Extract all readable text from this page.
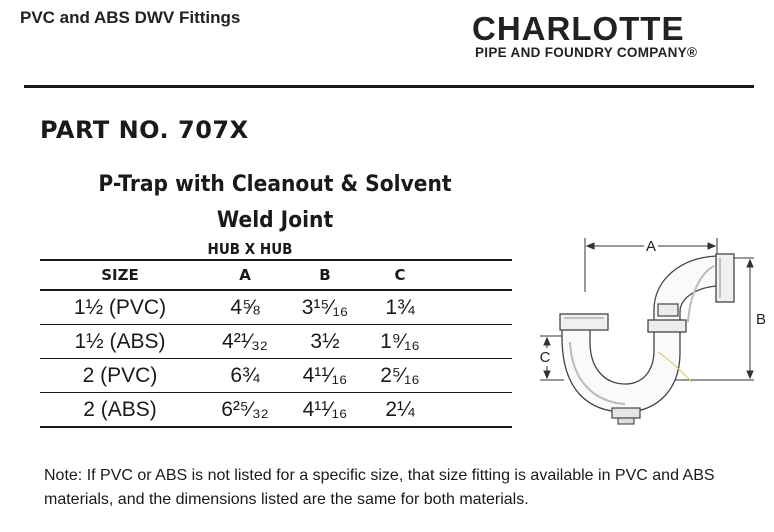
PVC and ABS DWV Fittings	CHARLOTTE
PIPE AND FOUNDRY COMPANY®
PART NO. 707X
P-Trap with Cleanout & Solvent
Weld Joint
HUB X HUB
SIZE	A	B	C	
1½ (PVC)	4⅝	3¹⁵⁄₁₆	1¾	
1½ (ABS)	4²¹⁄₃₂	3½	1⁹⁄₁₆	
2 (PVC)	6¾	4¹¹⁄₁₆	2⁵⁄₁₆	
2 (ABS)	6²⁵⁄₃₂	4¹¹⁄₁₆	2¼	
A
B
C
Note: If PVC or ABS is not listed for a specific size, that size fitting is available in PVC and ABS materials, and the dimensions listed are the same for both materials.
